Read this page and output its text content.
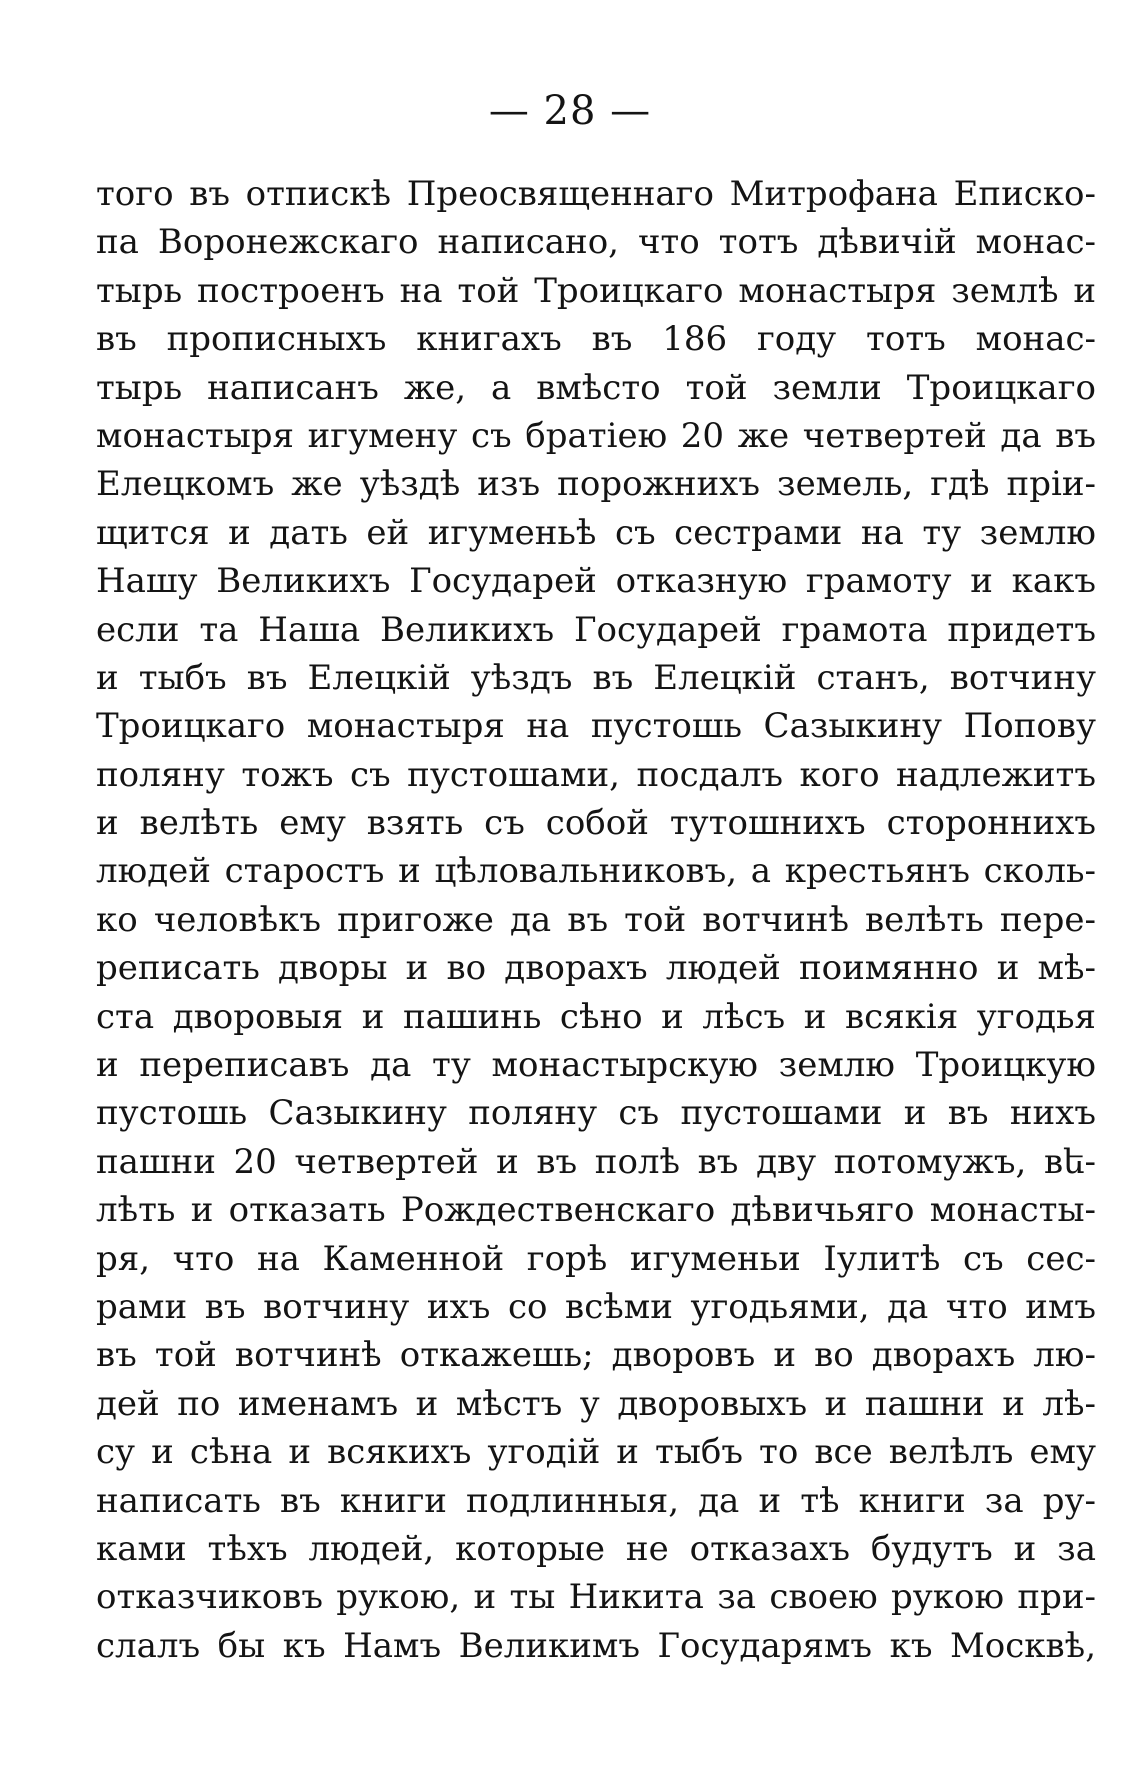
— 28 —
того въ отпискѣ Преосвященнаго Митрофана Еписко-
па Воронежскаго написано, что тотъ дѣвичій монас-
тырь построенъ на той Троицкаго монастыря землѣ и
въ прописныхъ книгахъ въ 186 году тотъ монас-
тырь написанъ же, а вмѣсто той земли Троицкаго
монастыря игумену съ братіею 20 же четвертей да въ
Елецкомъ же уѣздѣ изъ порожнихъ земель, гдѣ пріи-
щится и дать ей игуменьѣ съ сестрами на ту землю
Нашу Великихъ Государей отказную грамоту и какъ
если та Наша Великихъ Государей грамота придетъ
и тыбъ въ Елецкій уѣздъ въ Елецкій станъ, вотчину
Троицкаго монастыря на пустошь Сазыкину Попову
поляну тожъ съ пустошами, посдалъ кого надлежитъ
и велѣть ему взять съ собой тутошнихъ стороннихъ
людей старостъ и цѣловальниковъ, а крестьянъ сколь-
ко человѣкъ пригоже да въ той вотчинѣ велѣть пере-
реписать дворы и во дворахъ людей поимянно и мѣ-
ста дворовыя и пашинь сѣно и лѣсъ и всякія угодья
и переписавъ да ту монастырскую землю Троицкую
пустошь Сазыкину поляну съ пустошами и въ нихъ
пашни 20 четвертей и въ полѣ въ дву потомужъ, вե-
лѣть и отказать Рождественскаго дѣвичьяго монасты-
ря, что на Каменной горѣ игуменьи Іулитѣ съ сес-
рами въ вотчину ихъ со всѣми угодьями, да что имъ
въ той вотчинѣ откажешь; дворовъ и во дворахъ лю-
дей по именамъ и мѣстъ у дворовыхъ и пашни и лѣ-
су и сѣна и всякихъ угодій и тыбъ то все велѣлъ ему
написать въ книги подлинныя, да и тѣ книги за ру-
ками тѣхъ людей, которые не отказахъ будутъ и за
отказчиковъ рукою, и ты Никита за своею рукою при-
слалъ бы къ Намъ Великимъ Государямъ къ Москвѣ,
